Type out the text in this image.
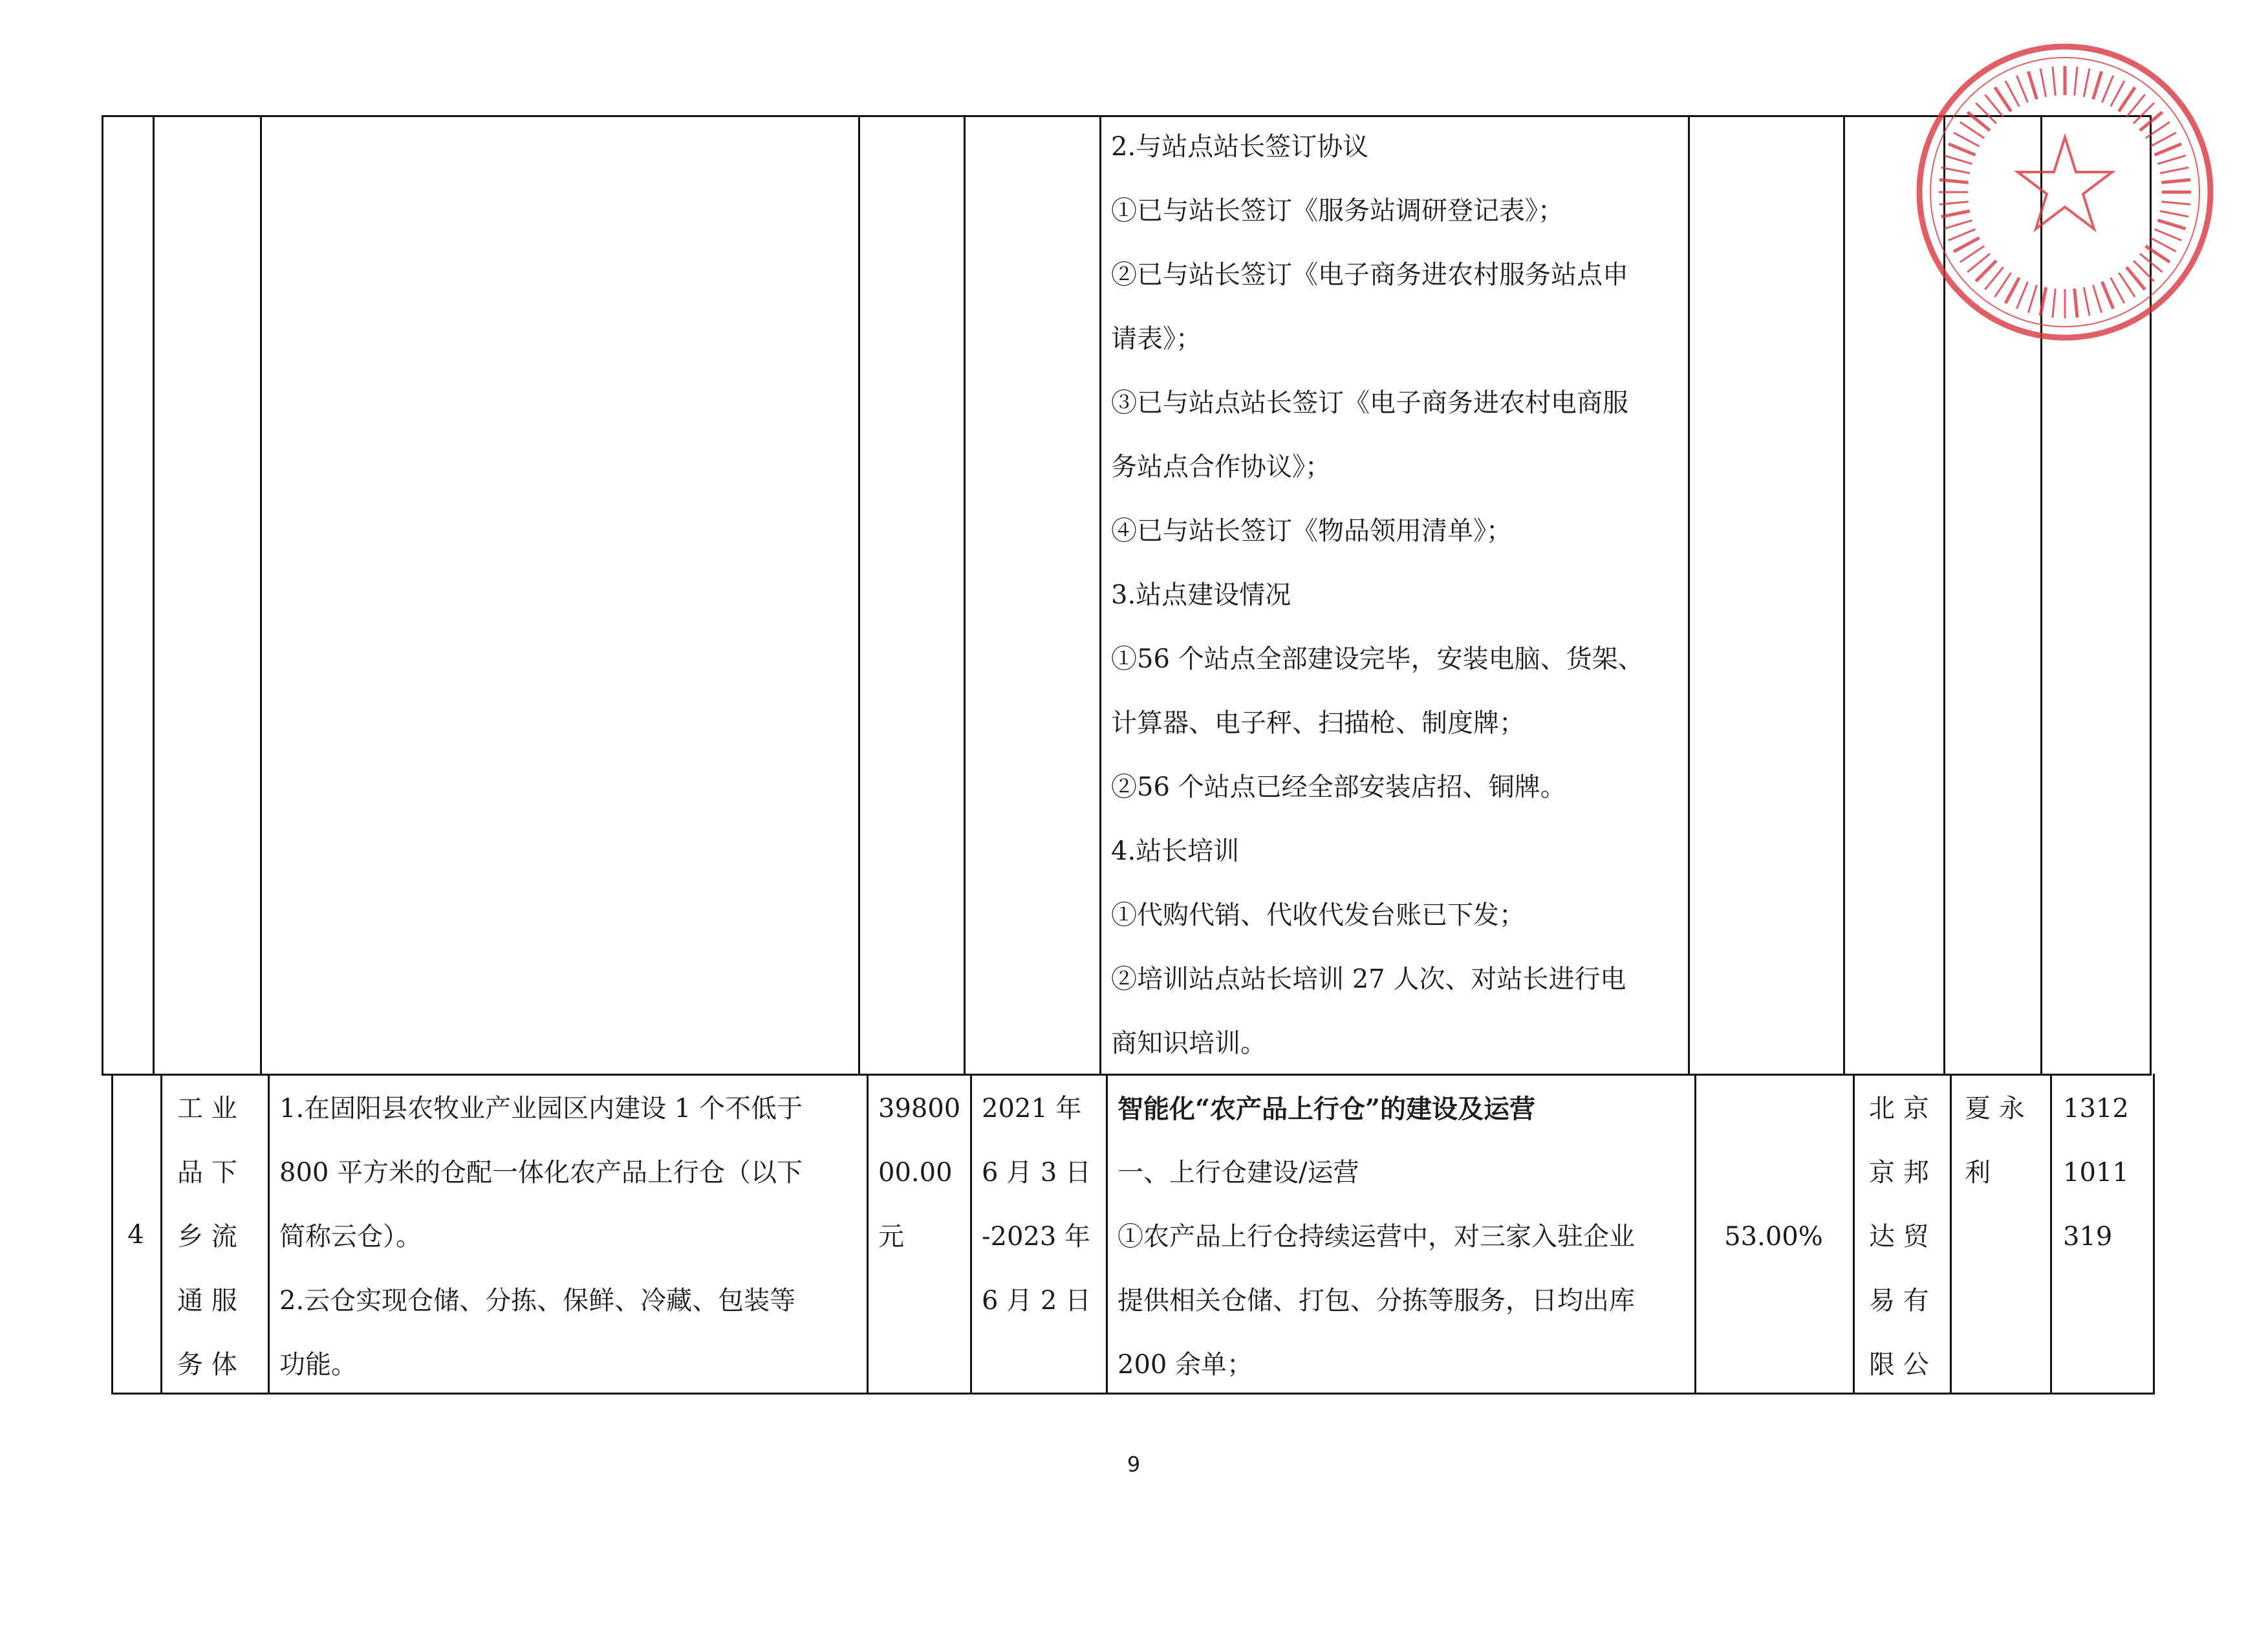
2.与站点站长签订协议
①已与站长签订《服务站调研登记表》；
②已与站长签订《电子商务进农村服务站点申
请表》；
③已与站点站长签订《电子商务进农村电商服
务站点合作协议》；
④已与站长签订《物品领用清单》；
3.站点建设情况
①56 个站点全部建设完毕，安装电脑、货架、
计算器、电子秤、扫描枪、制度牌；
②56 个站点已经全部安装店招、铜牌。
4.站长培训
①代购代销、代收代发台账已下发；
②培训站点站长培训 27 人次、对站长进行电
商知识培训。
4
工 业
品 下
乡 流
通 服
务 体
1.在固阳县农牧业产业园区内建设 1 个不低于
800 平方米的仓配一体化农产品上行仓（以下
简称云仓）。
2.云仓实现仓储、分拣、保鲜、冷藏、包装等
功能。
39800
00.00
元
2021 年
6 月 3 日
-2023 年
6 月 2 日
智能化“农产品上行仓”的建设及运营
一、上行仓建设/运营
①农产品上行仓持续运营中，对三家入驻企业
提供相关仓储、打包、分拣等服务，日均出库
200 余单；
53.00%
北 京
京 邦
达 贸
易 有
限 公
夏 永
利
1312
1011
319
9
